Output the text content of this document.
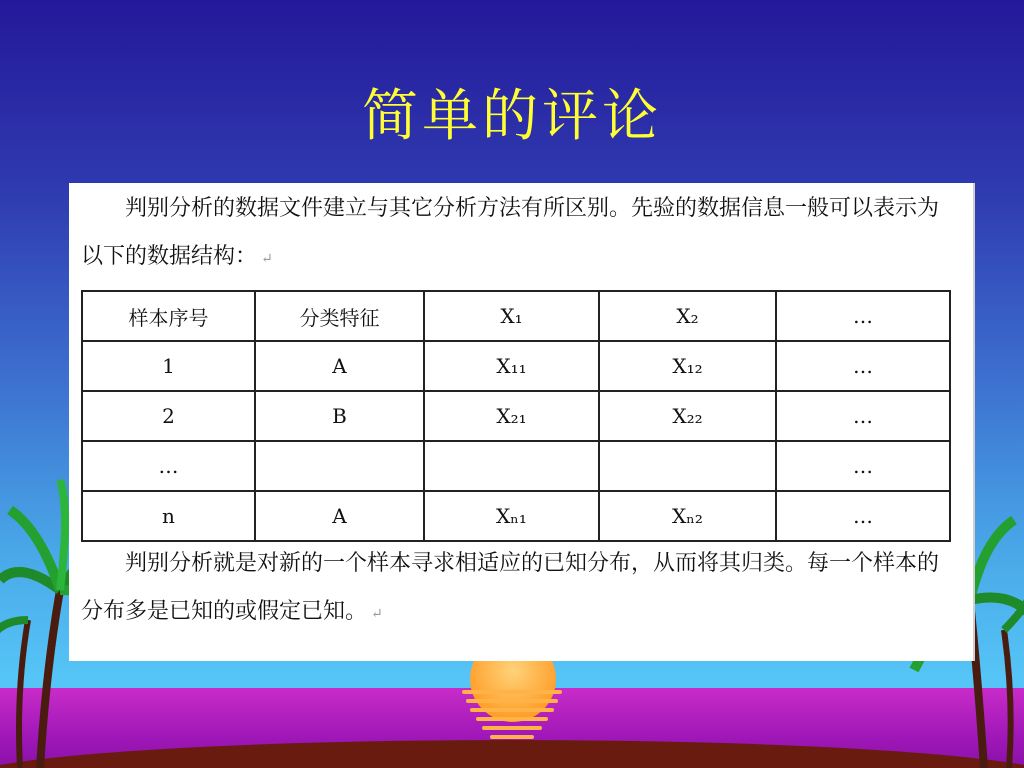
简单的评论

判别分析的数据文件建立与其它分析方法有所区别。先验的数据信息一般可以表示为以下的数据结构： ↵

样本序号	分类特征	X₁	X₂	…
1	A	X₁₁	X₁₂	…
2	B	X₂₁	X₂₂	…
…				…
n	A	Xₙ₁	Xₙ₂	…

判别分析就是对新的一个样本寻求相适应的已知分布，从而将其归类。每一个样本的分布多是已知的或假定已知。 ↵
